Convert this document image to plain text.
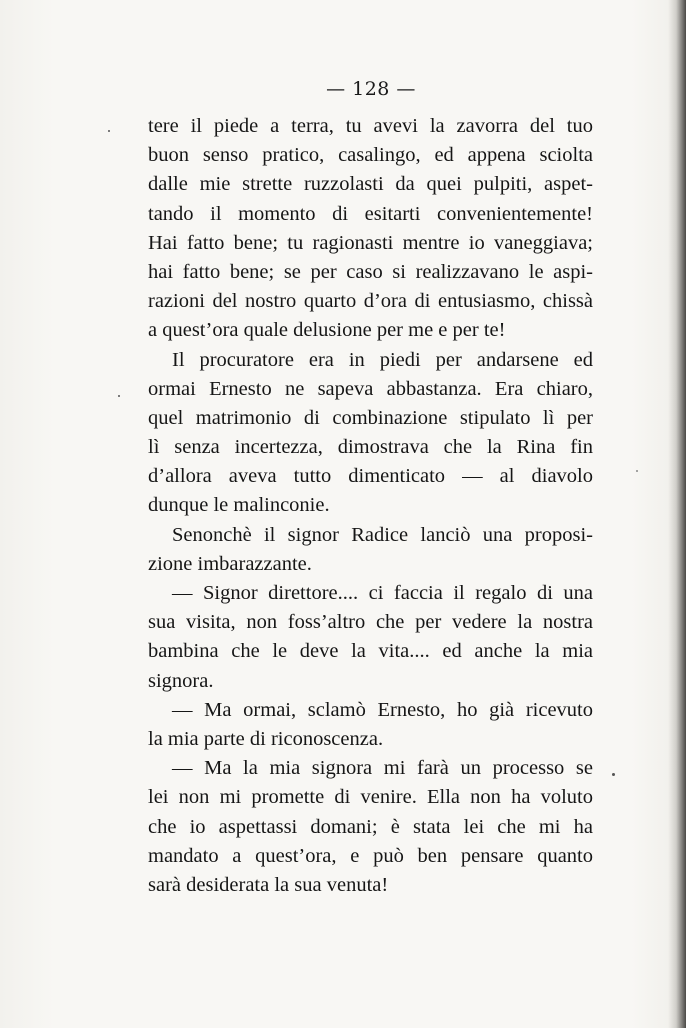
— 128 —
tere il piede a terra, tu avevi la zavorra del tuo
buon senso pratico, casalingo, ed appena sciolta
dalle mie strette ruzzolasti da quei pulpiti, aspet-
tando il momento di esitarti convenientemente!
Hai fatto bene; tu ragionasti mentre io vaneggiava;
hai fatto bene; se per caso si realizzavano le aspi-
razioni del nostro quarto d’ora di entusiasmo, chissà
a quest’ora quale delusione per me e per te!
Il procuratore era in piedi per andarsene ed
ormai Ernesto ne sapeva abbastanza. Era chiaro,
quel matrimonio di combinazione stipulato lì per
lì senza incertezza, dimostrava che la Rina fin
d’allora aveva tutto dimenticato — al diavolo
dunque le malinconie.
Senonchè il signor Radice lanciò una proposi-
zione imbarazzante.
— Signor direttore.... ci faccia il regalo di una
sua visita, non foss’altro che per vedere la nostra
bambina che le deve la vita.... ed anche la mia
signora.
— Ma ormai, sclamò Ernesto, ho già ricevuto
la mia parte di riconoscenza.
— Ma la mia signora mi farà un processo se
lei non mi promette di venire. Ella non ha voluto
che io aspettassi domani; è stata lei che mi ha
mandato a quest’ora, e può ben pensare quanto
sarà desiderata la sua venuta!
